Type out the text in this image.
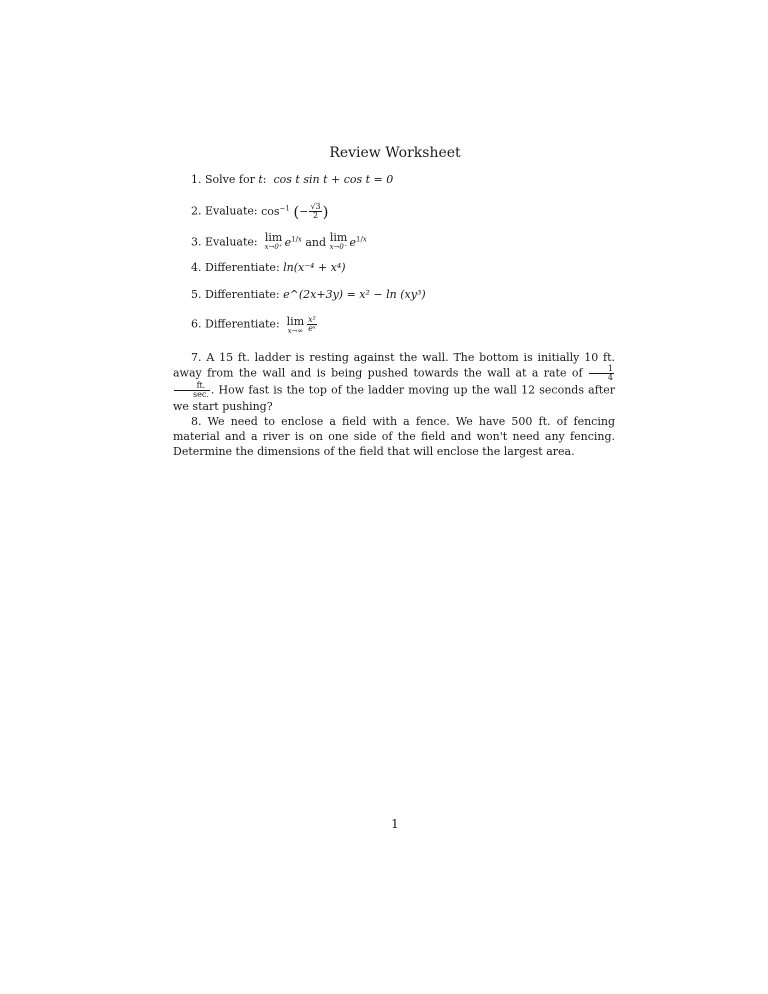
Review Worksheet
1. Solve for t:  cos t sin t + cos t = 0
2. Evaluate: $\cos^{-1}$ (− $\frac{√3}{2}$ )
3. Evaluate: lim
x→0⁺ $e^{1/x}$ and lim
x→0⁻ $e^{1/x}$
4. Differentiate: ln(x⁻⁴ + x⁴)
5. Differentiate: e^(2x+3y) = x² − ln (xy³)
6. Differentiate: lim
$x\to\infty \frac{\text{x²}}{\text{eˣ}}$
7. A 15 ft. ladder is resting against the wall. The bottom is initially 10 ft. away from the wall and is being pushed towards the wall at a rate of $\frac{1}{4}$
$\frac{ft.}{\sec.}$ . How fast is the top of the ladder moving up the wall 12 seconds after we start pushing?
8. We need to enclose a field with a fence. We have 500 ft. of fencing material and a river is on one side of the field and won't need any fencing. Determine the dimensions of the field that will enclose the largest area.
1
